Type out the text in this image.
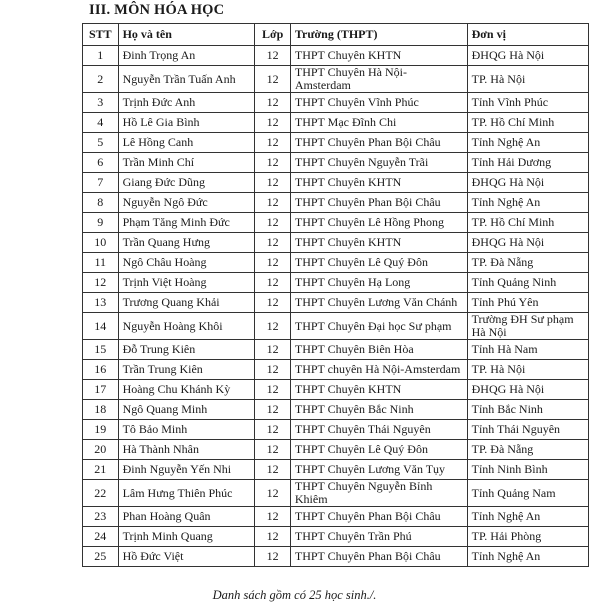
III. MÔN HÓA HỌC
STT	Họ và tên	Lớp	Trường (THPT)	Đơn vị
1	Đinh Trọng An	12	THPT Chuyên KHTN	ĐHQG Hà Nội
2	Nguyễn Trần Tuấn Anh	12	THPT Chuyên Hà Nội-Amsterdam	TP. Hà Nội
3	Trịnh Đức Anh	12	THPT Chuyên Vĩnh Phúc	Tỉnh Vĩnh Phúc
4	Hồ Lê Gia Bình	12	THPT Mạc Đĩnh Chi	TP. Hồ Chí Minh
5	Lê Hồng Canh	12	THPT Chuyên Phan Bội Châu	Tỉnh Nghệ An
6	Trần Minh Chí	12	THPT Chuyên Nguyễn Trãi	Tỉnh Hải Dương
7	Giang Đức Dũng	12	THPT Chuyên KHTN	ĐHQG Hà Nội
8	Nguyễn Ngô Đức	12	THPT Chuyên Phan Bội Châu	Tỉnh Nghệ An
9	Phạm Tăng Minh Đức	12	THPT Chuyên Lê Hồng Phong	TP. Hồ Chí Minh
10	Trần Quang Hưng	12	THPT Chuyên KHTN	ĐHQG Hà Nội
11	Ngô Châu Hoàng	12	THPT Chuyên Lê Quý Đôn	TP. Đà Nẵng
12	Trịnh Việt Hoàng	12	THPT Chuyên Hạ Long	Tỉnh Quảng Ninh
13	Trương Quang Khải	12	THPT Chuyên Lương Văn Chánh	Tỉnh Phú Yên
14	Nguyễn Hoàng Khôi	12	THPT Chuyên Đại học Sư phạm	Trường ĐH Sư phạm Hà Nội
15	Đỗ Trung Kiên	12	THPT Chuyên Biên Hòa	Tỉnh Hà Nam
16	Trần Trung Kiên	12	THPT chuyên Hà Nội-Amsterdam	TP. Hà Nội
17	Hoàng Chu Khánh Kỳ	12	THPT Chuyên KHTN	ĐHQG Hà Nội
18	Ngô Quang Minh	12	THPT Chuyên Bắc Ninh	Tỉnh Bắc Ninh
19	Tô Bảo Minh	12	THPT Chuyên Thái Nguyên	Tỉnh Thái Nguyên
20	Hà Thành Nhân	12	THPT Chuyên Lê Quý Đôn	TP. Đà Nẵng
21	Đinh Nguyễn Yến Nhi	12	THPT Chuyên Lương Văn Tụy	Tỉnh Ninh Bình
22	Lâm Hưng Thiên Phúc	12	THPT Chuyên Nguyễn Bỉnh Khiêm	Tỉnh Quảng Nam
23	Phan Hoàng Quân	12	THPT Chuyên Phan Bội Châu	Tỉnh Nghệ An
24	Trịnh Minh Quang	12	THPT Chuyên Trần Phú	TP. Hải Phòng
25	Hồ Đức Việt	12	THPT Chuyên Phan Bội Châu	Tỉnh Nghệ An
Danh sách gồm có 25 học sinh./.
